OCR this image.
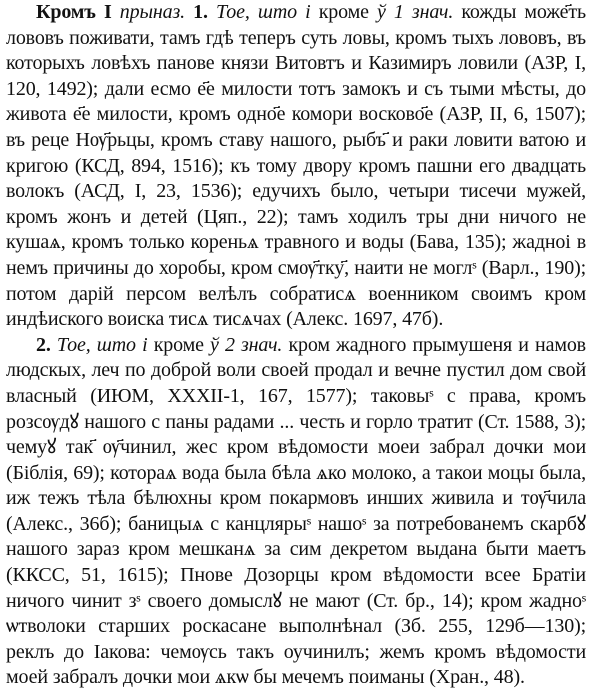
Кромъ I прыназ. 1. Тое, што і кроме ў 1 знач. кожды може҃ть лововъ поживати, тамъ гдѣ теперъ суть ловы, кромъ тыхъ лововъ, въ которыхъ ловѣхъ панове князи Витовтъ и Казимиръ ловили (АЗР, I, 120, 1492); дали есмо е҃е милости тотъ замокъ и съ тыми мѣсты, до живота е҃е милости, кромъ одно҃е комори восково҃е (АЗР, II, 6, 1507); въ реце Нѹ҃рьцы, кромъ ставу нашого, рыбъ҃ и раки ловити ватою и кригою (КСД, 894, 1516); къ тому двору кромъ пашни его двадцать волокъ (АСД, I, 23, 1536); едучихъ было, четыри тисечи мужей, кромъ жонъ и детей (Цяп., 22); тамъ ходилъ тры дни ничого не кушаѧ, кромъ только кореньѧ травного и воды (Бава, 135); жадноi в немъ причины до хоробы, кром смѹ҃тку҃, наити не моглˢ (Варл., 190); потом дарій персом велѣлъ собратисѧ военником своимъ кром индѣиского воиска тисѧ тисѧчах (Алекс. 1697, 47б).

2. Тое, што і кроме ў 2 знач. кром жадного прымушеня и намов людскых, леч по доброй воли своей продал и вечне пустил дом свой власный (ИЮМ, XXXII-1, 167, 1577); таковыˢ с права, кромъ розсѹдꙋ нашого с паны радами ... честь и горло тратит (Ст. 1588, 3); чемуꙋ так҃ ѹ҃чинил, жес кром вѣдомости моеи забрал дочки мои (Біблія, 69); котораѧ вода была бѣла ѧко молоко, а такои моцы была, иж тежъ тѣла бѣлюхны кром покармовъ инших живила и тѹ҃чила (Алекс., 36б); баницыѧ с канцлярыˢ нашоˢ за потребованемъ скарбꙋ нашого зараз кром мешканѧ за сим декретом выдана быти маетъ (ККСС, 51, 1615); Пнове Дозорцы кром вѣдомости всее Братіи ничого чинит зˢ своего домыслꙋ не мают (Ст. бр., 14); кром жадноˢ ѡтволоки старших роскасане выполнѣнал (Зб. 255, 129б—130); реклъ до Іакова: чемѹсь такъ оучинилъ; жемъ кромъ вѣдомости моей забралъ дочки мои ѧкѡ бы мечемъ поиманы (Хран., 48).
